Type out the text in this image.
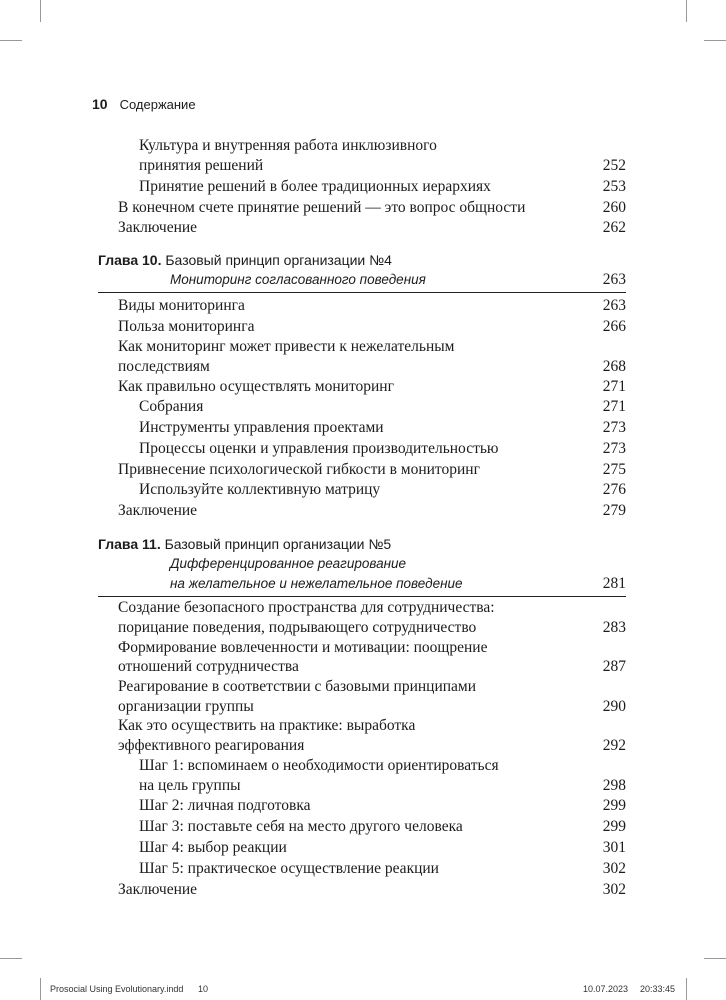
10 Содержание
Культура и внутренняя работа инклюзивного
принятия решений	252
Принятие решений в более традиционных иерархиях	253
В конечном счете принятие решений — это вопрос общности	260
Заключение	262
Глава 10. Базовый принцип организации №4
Мониторинг согласованного поведения	263
Виды мониторинга	263
Польза мониторинга	266
Как мониторинг может привести к нежелательным
последствиям	268
Как правильно осуществлять мониторинг	271
Собрания	271
Инструменты управления проектами	273
Процессы оценки и управления производительностью	273
Привнесение психологической гибкости в мониторинг	275
Используйте коллективную матрицу	276
Заключение	279
Глава 11. Базовый принцип организации №5
Дифференцированное реагирование
на желательное и нежелательное поведение	281
Создание безопасного пространства для сотрудничества:
порицание поведения, подрывающего сотрудничество	283
Формирование вовлеченности и мотивации: поощрение
отношений сотрудничества	287
Реагирование в соответствии с базовыми принципами
организации группы	290
Как это осуществить на практике: выработка
эффективного реагирования	292
Шаг 1: вспоминаем о необходимости ориентироваться
на цель группы	298
Шаг 2: личная подготовка	299
Шаг 3: поставьте себя на место другого человека	299
Шаг 4: выбор реакции	301
Шаг 5: практическое осуществление реакции	302
Заключение	302
Prosocial Using Evolutionary.indd 10	10.07.2023 20:33:45
